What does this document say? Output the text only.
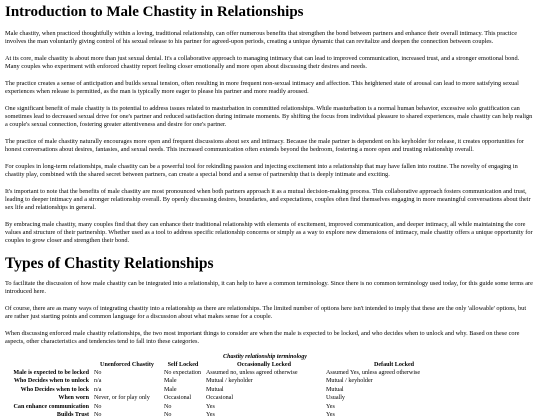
Introduction to Male Chastity in Relationships

Male chastity, when practiced thoughtfully within a loving, traditional relationship, can offer numerous benefits that strengthen the bond between partners and enhance their overall intimacy. This practice involves the man voluntarily giving control of his sexual release to his partner for agreed-upon periods, creating a unique dynamic that can revitalize and deepen the connection between couples.

At its core, male chastity is about more than just sexual denial. It's a collaborative approach to managing intimacy that can lead to improved communication, increased trust, and a stronger emotional bond. Many couples who experiment with enforced chastity report feeling closer emotionally and more open about discussing their desires and needs.

The practice creates a sense of anticipation and builds sexual tension, often resulting in more frequent non-sexual intimacy and affection. This heightened state of arousal can lead to more satisfying sexual experiences when release is permitted, as the man is typically more eager to please his partner and more readily aroused.

One significant benefit of male chastity is its potential to address issues related to masturbation in committed relationships. While masturbation is a normal human behavior, excessive solo gratification can sometimes lead to decreased sexual drive for one's partner and reduced satisfaction during intimate moments. By shifting the focus from individual pleasure to shared experiences, male chastity can help realign a couple's sexual connection, fostering greater attentiveness and desire for one's partner.

The practice of male chastity naturally encourages more open and frequent discussions about sex and intimacy. Because the male partner is dependent on his keyholder for release, it creates opportunities for honest conversations about desires, fantasies, and sexual needs. This increased communication often extends beyond the bedroom, fostering a more open and trusting relationship overall.

For couples in long-term relationships, male chastity can be a powerful tool for rekindling passion and injecting excitement into a relationship that may have fallen into routine. The novelty of engaging in chastity play, combined with the shared secret between partners, can create a special bond and a sense of partnership that is deeply intimate and exciting.

It's important to note that the benefits of male chastity are most pronounced when both partners approach it as a mutual decision-making process. This collaborative approach fosters communication and trust, leading to deeper intimacy and a stronger relationship overall. By openly discussing desires, boundaries, and expectations, couples often find themselves engaging in more meaningful conversations about their sex life and relationships in general.

By embracing male chastity, many couples find that they can enhance their traditional relationship with elements of excitement, improved communication, and deeper intimacy, all while maintaining the core values and structure of their partnership. Whether used as a tool to address specific relationship concerns or simply as a way to explore new dimensions of intimacy, male chastity offers a unique opportunity for couples to grow closer and strengthen their bond.

Types of Chastity Relationships

To facilitate the discussion of how male chastity can be integrated into a relationship, it can help to have a common terminology. Since there is no common terminology used today, for this guide some terms are introduced here.

Of course, there are as many ways of integrating chastity into a relationship as there are relationships. The limited number of options here isn't intended to imply that these are the only 'allowable' options, but are rather just starting points and common language for a discussion about what makes sense for a couple.

When discussing enforced male chastity relationships, the two most important things to consider are when the male is expected to be locked, and who decides when to unlock and why. Based on these core aspects, other characteristics and tendencies tend to fall into these categories.

Chastity relationship terminology
	Unenforced Chastity	Self Locked	Occasionally Locked	Default Locked
Male is expected to be locked	No	No expectation	Assumed no, unless agreed otherwise	Assumed Yes, unless agreed otherwise
Who Decides when to unlock	n/a	Male	Mutual / keyholder	Mutual / keyholder
Who Decides when to lock	n/a	Male	Mutual	Mutual
When worn	Never, or for play only	Occasional	Occasional	Usually
Can enhance communication	No	No	Yes	Yes
Builds Trust	No	No	Yes	Yes
